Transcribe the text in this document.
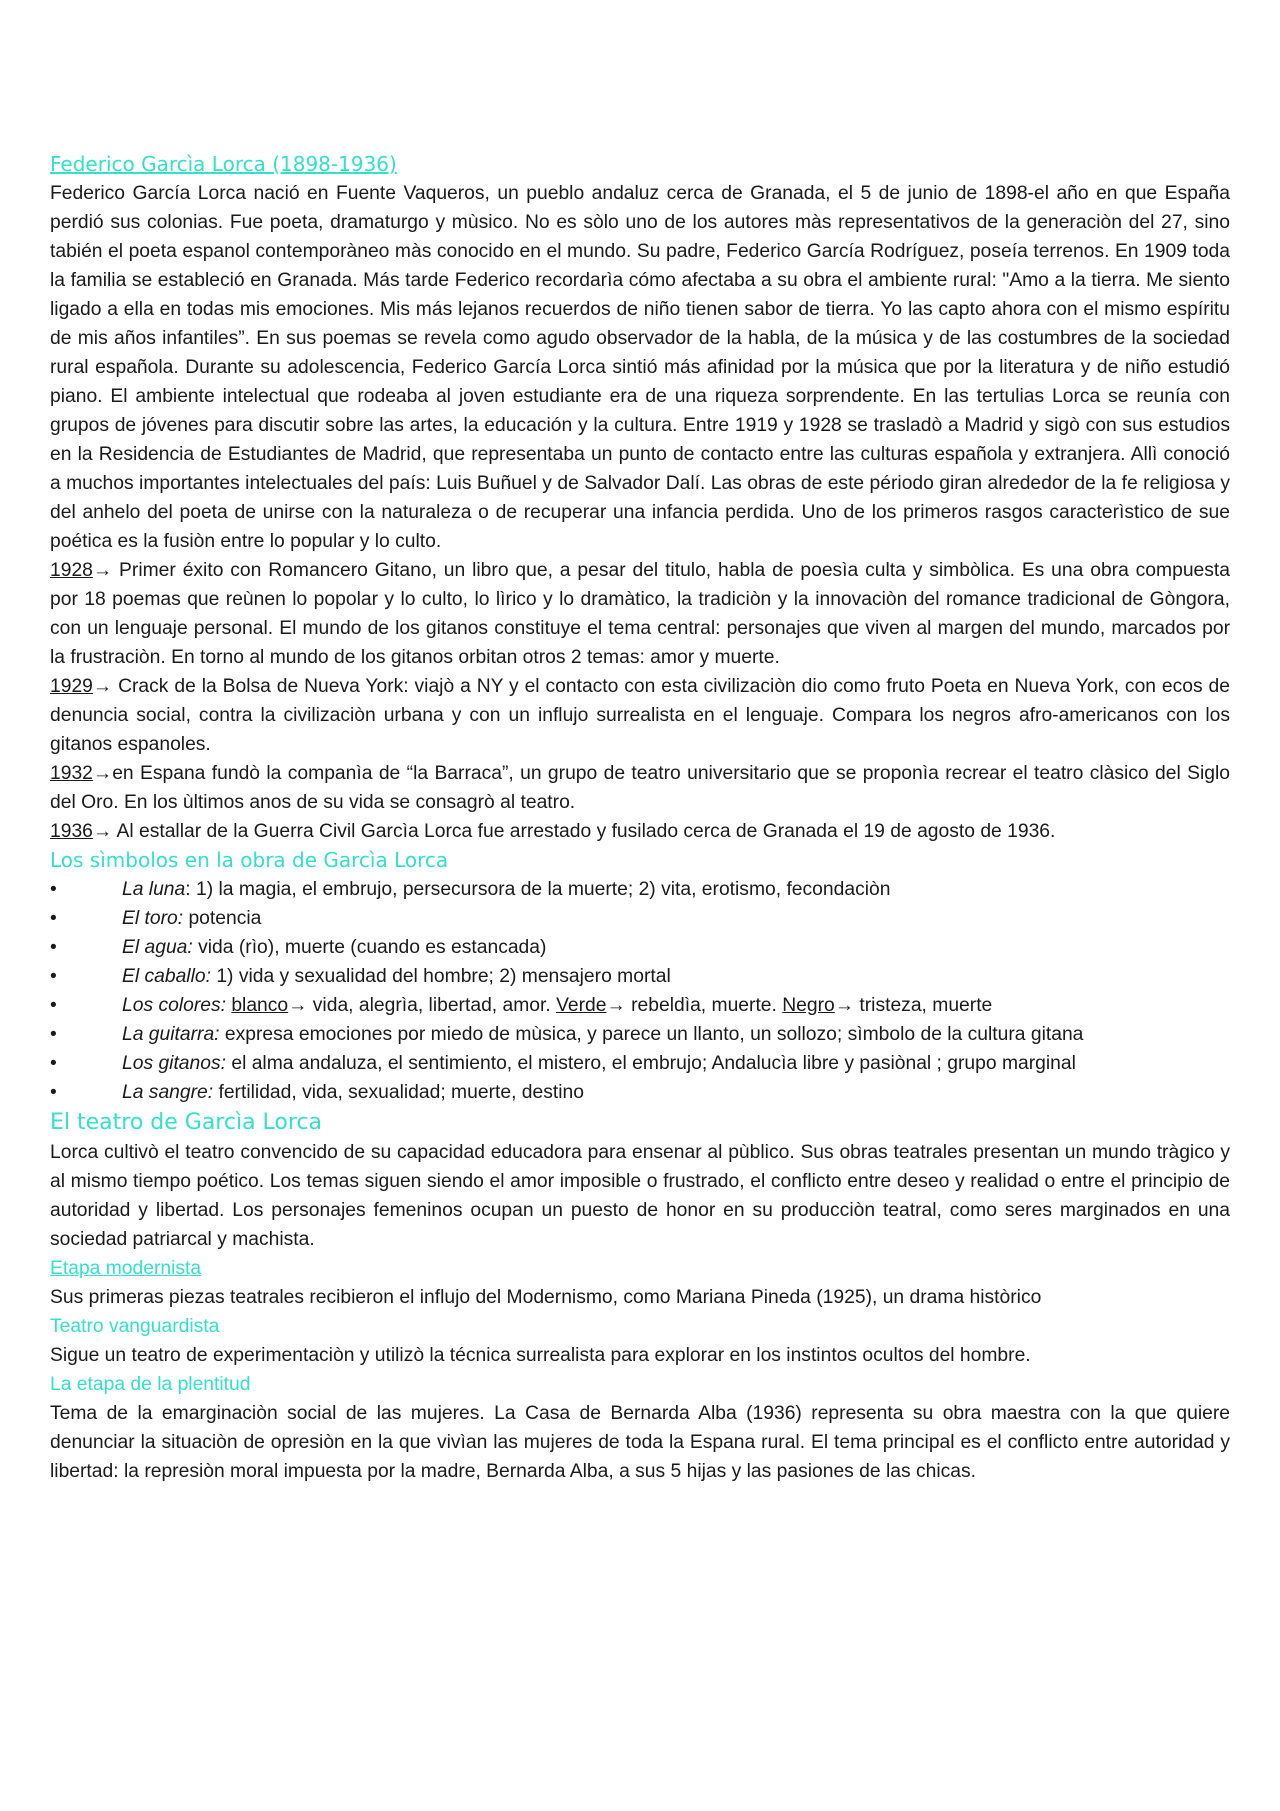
Federico Garcìa Lorca (1898-1936)

Federico García Lorca nació en Fuente Vaqueros, un pueblo andaluz cerca de Granada, el 5 de junio de 1898-el año en que España perdió sus colonias. Fue poeta, dramaturgo y mùsico. No es sòlo uno de los autores màs representativos de la generaciòn del 27, sino tabién el poeta espanol contemporàneo màs conocido en el mundo. Su padre, Federico García Rodríguez, poseía terrenos. En 1909 toda la familia se estableció en Granada. Más tarde Federico recordarìa cómo afectaba a su obra el ambiente rural: "Amo a la tierra. Me siento ligado a ella en todas mis emociones. Mis más lejanos recuerdos de niño tienen sabor de tierra. Yo las capto ahora con el mismo espíritu de mis años infantiles”. En sus poemas se revela como agudo observador de la habla, de la música y de las costumbres de la sociedad rural española. Durante su adolescencia, Federico García Lorca sintió más afinidad por la música que por la literatura y de niño estudió piano. El ambiente intelectual que rodeaba al joven estudiante era de una riqueza sorprendente. En las tertulias Lorca se reunía con grupos de jóvenes para discutir sobre las artes, la educación y la cultura. Entre 1919 y 1928 se trasladò a Madrid y sigò con sus estudios en la Residencia de Estudiantes de Madrid, que representaba un punto de contacto entre las culturas española y extranjera. Allì conoció a muchos importantes intelectuales del país: Luis Buñuel y de Salvador Dalí. Las obras de este périodo giran alrededor de la fe religiosa y del anhelo del poeta de unirse con la naturaleza o de recuperar una infancia perdida. Uno de los primeros rasgos caracterìstico de sue poética es la fusiòn entre lo popular y lo culto.

1928→ Primer éxito con Romancero Gitano, un libro que, a pesar del titulo, habla de poesìa culta y simbòlica. Es una obra compuesta por 18 poemas que reùnen lo popolar y lo culto, lo lìrico y lo dramàtico, la tradiciòn y la innovaciòn del romance tradicional de Gòngora, con un lenguaje personal. El mundo de los gitanos constituye el tema central: personajes que viven al margen del mundo, marcados por la frustraciòn. En torno al mundo de los gitanos orbitan otros 2 temas: amor y muerte.

1929→ Crack de la Bolsa de Nueva York: viajò a NY y el contacto con esta civilizaciòn dio como fruto Poeta en Nueva York, con ecos de denuncia social, contra la civilizaciòn urbana y con un influjo surrealista en el lenguaje. Compara los negros afro-americanos con los gitanos espanoles.

1932→en Espana fundò la companìa de “la Barraca”, un grupo de teatro universitario que se proponìa recrear el teatro clàsico del Siglo del Oro. En los ùltimos anos de su vida se consagrò al teatro.

1936→ Al estallar de la Guerra Civil Garcìa Lorca fue arrestado y fusilado cerca de Granada el 19 de agosto de 1936.

Los sìmbolos en la obra de Garcìa Lorca
•	La luna: 1) la magia, el embrujo, persecursora de la muerte; 2) vita, erotismo, fecondaciòn
•	El toro: potencia
•	El agua: vida (rìo), muerte (cuando es estancada)
•	El caballo: 1) vida y sexualidad del hombre; 2) mensajero mortal
•	Los colores: blanco→ vida, alegrìa, libertad, amor. Verde→ rebeldìa, muerte. Negro→ tristeza, muerte
•	La guitarra: expresa emociones por miedo de mùsica, y parece un llanto, un sollozo; sìmbolo de la cultura gitana
•	Los gitanos: el alma andaluza, el sentimiento, el mistero, el embrujo; Andalucìa libre y pasiònal ; grupo marginal
•	La sangre: fertilidad, vida, sexualidad; muerte, destino
El teatro de Garcìa Lorca

Lorca cultivò el teatro convencido de su capacidad educadora para ensenar al pùblico. Sus obras teatrales presentan un mundo tràgico y al mismo tiempo poético. Los temas siguen siendo el amor imposible o frustrado, el conflicto entre deseo y realidad o entre el principio de autoridad y libertad. Los personajes femeninos ocupan un puesto de honor en su producciòn teatral, como seres marginados en una sociedad patriarcal y machista.

Etapa modernista

Sus primeras piezas teatrales recibieron el influjo del Modernismo, como Mariana Pineda (1925), un drama històrico

Teatro vanguardista

Sigue un teatro de experimentaciòn y utilizò la técnica surrealista para explorar en los instintos ocultos del hombre.

La etapa de la plentitud

Tema de la emarginaciòn social de las mujeres. La Casa de Bernarda Alba (1936) representa su obra maestra con la que quiere denunciar la situaciòn de opresiòn en la que vivìan las mujeres de toda la Espana rural. El tema principal es el conflicto entre autoridad y libertad: la represiòn moral impuesta por la madre, Bernarda Alba, a sus 5 hijas y las pasiones de las chicas.
